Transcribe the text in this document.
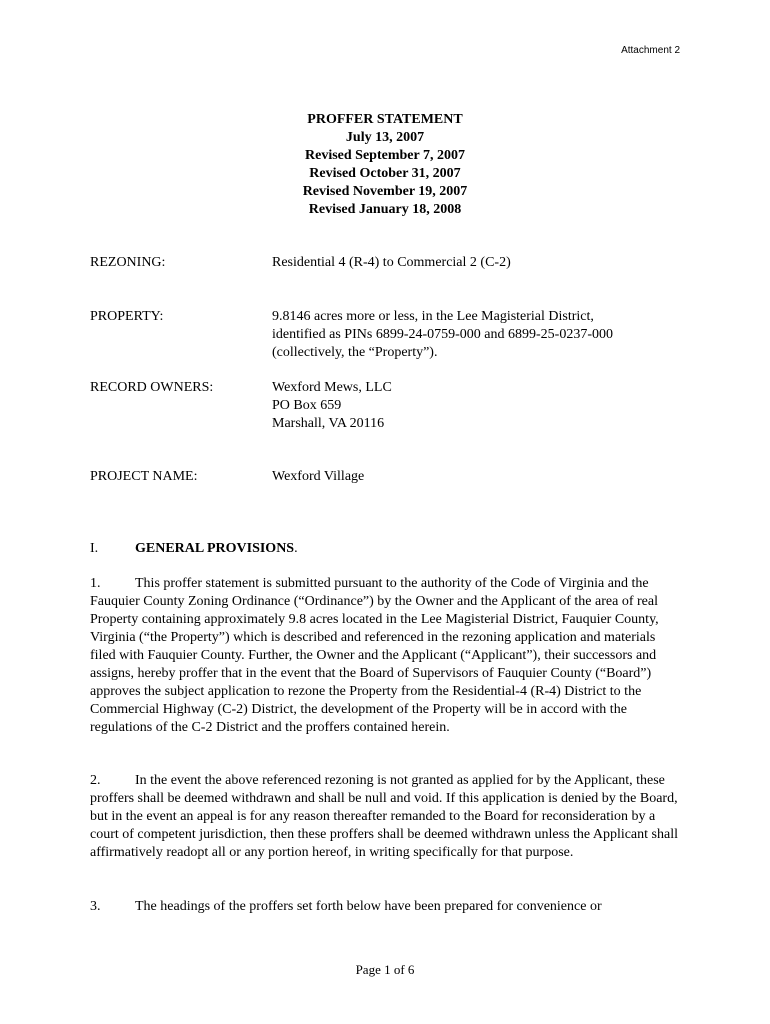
Attachment 2
PROFFER STATEMENT
July 13, 2007
Revised September 7, 2007
Revised October 31, 2007
Revised November 19, 2007
Revised January 18, 2008
REZONING:	Residential 4 (R-4) to Commercial 2 (C-2)
PROPERTY:	9.8146 acres more or less, in the Lee Magisterial District,
identified as PINs 6899-24-0759-000 and 6899-25-0237-000
(collectively, the “Property”).
RECORD OWNERS:	Wexford Mews, LLC
PO Box 659
Marshall, VA 20116
PROJECT NAME:	Wexford Village
I.	GENERAL PROVISIONS.
1. This proffer statement is submitted pursuant to the authority of the Code of Virginia and the Fauquier County Zoning Ordinance (“Ordinance”) by the Owner and the Applicant of the area of real Property containing approximately 9.8 acres located in the Lee Magisterial District, Fauquier County, Virginia (“the Property”) which is described and referenced in the rezoning application and materials filed with Fauquier County. Further, the Owner and the Applicant (“Applicant”), their successors and assigns, hereby proffer that in the event that the Board of Supervisors of Fauquier County (“Board”) approves the subject application to rezone the Property from the Residential-4 (R-4) District to the Commercial Highway (C-2) District, the development of the Property will be in accord with the regulations of the C-2 District and the proffers contained herein.
2. In the event the above referenced rezoning is not granted as applied for by the Applicant, these proffers shall be deemed withdrawn and shall be null and void. If this application is denied by the Board, but in the event an appeal is for any reason thereafter remanded to the Board for reconsideration by a court of competent jurisdiction, then these proffers shall be deemed withdrawn unless the Applicant shall affirmatively readopt all or any portion hereof, in writing specifically for that purpose.
3. The headings of the proffers set forth below have been prepared for convenience or
Page 1 of 6
